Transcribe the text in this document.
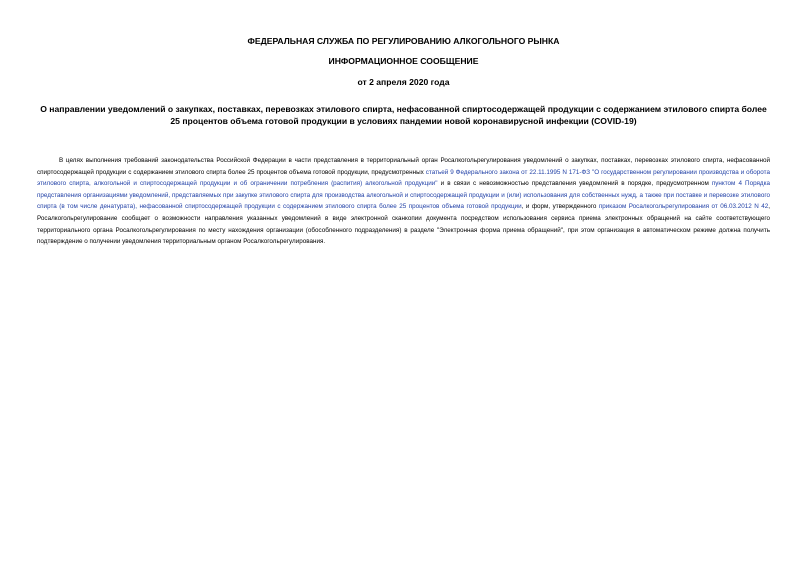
ФЕДЕРАЛЬНАЯ СЛУЖБА ПО РЕГУЛИРОВАНИЮ АЛКОГОЛЬНОГО РЫНКА

ИНФОРМАЦИОННОЕ СООБЩЕНИЕ

от 2 апреля 2020 года

О направлении уведомлений о закупках, поставках, перевозках этилового спирта, нефасованной спиртосодержащей продукции с содержанием этилового спирта более 25 процентов объема готовой продукции в условиях пандемии новой коронавирусной инфекции (COVID-19)

В целях выполнения требований законодательства Российской Федерации в части представления в территориальный орган Росалкогольрегулирования уведомлений о закупках, поставках, перевозках этилового спирта, нефасованной спиртосодержащей продукции с содержанием этилового спирта более 25 процентов объема готовой продукции, предусмотренных статьей 9 Федерального закона от 22.11.1995 N 171-ФЗ "О государственном регулировании производства и оборота этилового спирта, алкогольной и спиртосодержащей продукции и об ограничении потребления (распития) алкогольной продукции" и в связи с невозможностью представления уведомлений в порядке, предусмотренном пунктом 4 Порядка представления организациями уведомлений, представляемых при закупке этилового спирта для производства алкогольной и спиртосодержащей продукции и (или) использования для собственных нужд, а также при поставке и перевозке этилового спирта (в том числе денатурата), нефасованной спиртосодержащей продукции с содержанием этилового спирта более 25 процентов объема готовой продукции, и форм, утвержденного приказом Росалкогольрегулирования от 06.03.2012 N 42, Росалкогольрегулирование сообщает о возможности направления указанных уведомлений в виде электронной сканкопии документа посредством использования сервиса приема электронных обращений на сайте соответствующего территориального органа Росалкогольрегулирования по месту нахождения организации (обособленного подразделения) в разделе "Электронная форма приема обращений", при этом организация в автоматическом режиме должна получить подтверждение о получении уведомления территориальным органом Росалкогольрегулирования.
